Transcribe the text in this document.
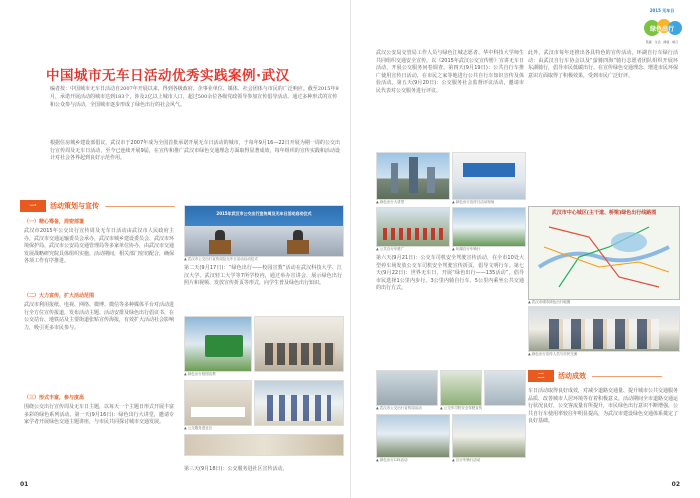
2015 无车日
绿色出行
低碳 · 生活 · 健康 · 畅行
中国城市无车日活动优秀实践案例·武汉
编者按：中国城市无车日活动自2007年开展以来，得到各级政府、企事业单位、媒体、社会团体与市民的广泛响应。截至2015年9月，承诺开展活动的城市达到183个，涉及2亿以上城市人口，超过500余位各级党政领导参加宣传倡导活动。通过多种形式的宣传和公众参与活动，全国城市逐步形成了绿色出行的社会风气。
根据住房城乡建设部倡议，武汉市于2007年成为全国首批承诺开展无车日活动的城市，于每年9月16—22日开展为期一周的公交出行宣传周及无车日活动，至今已连续开展9届，在宣传和推广武汉市绿色交通理念方面取得显著成效，每年组织的宣传实践和活动设计对社会各界起到良好示范作用。
一	活动策划与宣传
（一）精心筹备，周密部署
武汉市2015年公交出行宣传周及无车日活动由武汉市人民政府主办，武汉市交通运输委员会承办，武汉市城乡建设委员会、武汉市环境保护局、武汉市公安局交通管理局等多家单位协办，由武汉市交通发展战略研究院具体组织实施。活动期间，相关部门密切配合，确保各项工作有序推进。
（二）大力宣传，扩大活动范围
武汉市利用报纸、电视、网络、微博、微信等多种媒体平台对活动进行全方位宣传报道，发布活动主题、活动安排及绿色出行倡议书，在公交站台、地铁站及主要街道张贴宣传海报，有效扩大活动社会影响力，吸引更多市民参与。
（三）形式丰富，参与度高
围绕公交出行宣传周及无车日主题，以每天一个主题日形式开展丰富多彩的绿色系列活动。第一天(9月16日)：绿色出行大讲堂，邀请专家学者开展绿色交通主题讲座，与市民共同探讨城市交通发展。
2015年武汉市公交出行宣传周及无车日活动启动仪式
▲ 武汉市公交出行宣传周及无车日活动启动仪式
第二天(9月17日)：“绿色出行——校园宣教”活动在武汉科技大学、江汉大学、武汉轻工大学等7所学校内，通过举办宣讲会、展示绿色出行照片和视频、发放宣传折页等形式，向学生普及绿色出行知识。
▲ 绿色出行校园宣教
▲ 公交服务进社区
第三天(9月18日)：公交服务进社区宣传活动。
武汉公安局交管局工作人员与绿色江城志愿者、华中科技大学师生共同组织交通安全宣传，以《2015年武汉公交宣传册》宣讲无车日活动，开展公交服务问卷调查。第四天(9月19日)：公共自行车推广使用宣传日活动，在市民之家等地进行公共自行车知识宣传及体验活动。第五天(9月20日)：公交服务社会监督评议活动，邀请市民代表对公交服务进行评议。
▲ 绿色出行大讲堂	▲ 绿色出行宣传日活动现场
▲ 公共自行车推广	▲ 环湖自行车骑行
第六天(9月21日)：公交车司机安全驾驶宣传活动，在全市10处大型停车场发放公交车司机安全驾驶宣传折页，倡导文明行车。第七天(9月22日)：世界无车日，开展“绿色出行——135活动”，倡导市民选择1公里内步行、3公里内骑自行车、5公里内乘坐公共交通的出行方式。
▲ 武汉市公交出行宣传周活动	▲ 公交车司机安全驾驶宣传
▲ 绿色出行135活动	▲ 自行车骑行活动
此外，武汉市每年还推出各具特色的宣传活动，环湖自行车绿行活动：由武汉自行车协会以及“萤骑四海”骑行志愿者团队组织开展环东湖骑行，倡导市民低碳出行。在宣传绿色交通理念、增进市民环保意识方面取得了积极效果，受到市民广泛好评。
武汉市中心城区(主干道、桥梁)绿色出行线路图
▲ 武汉市城市绿色出行地图
▲ 绿色出行宣传人员与市民交流
二	活动成效
车日活动取得良好成效，对减少道路交通量、提升城市公共交通服务品质、改善城市人居环境等有着积极意义。活动期间全市道路交通运行状况良好，公交客流量有所提升，市民绿色出行意识不断增强，公共自行车使用率较往年明显提高，为武汉市建设绿色交通体系奠定了良好基础。
01	02
